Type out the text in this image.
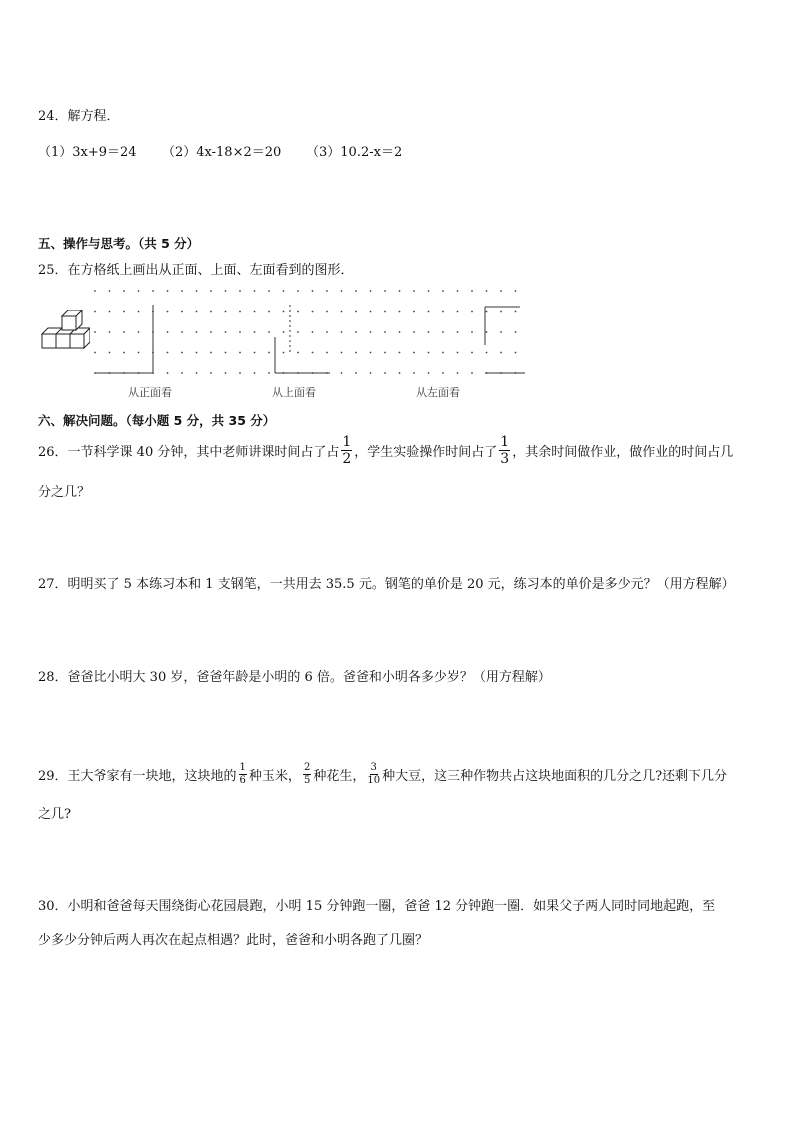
24．解方程．
（1）3x+9＝24 （2）4x-18×2＝20 （3）10.2-x＝2
五、操作与思考。（共 5 分）
25．在方格纸上画出从正面、上面、左面看到的图形．
从正面看	从上面看	从左面看
六、解决问题。（每小题 5 分，共 35 分）
26．一节科学课 40 分钟，其中老师讲课时间占了占 $\frac{1}{2}$ ，学生实验操作时间占了 $\frac{1}{3}$ ，其余时间做作业，做作业的时间占几
分之几？
27．明明买了 5 本练习本和 1 支钢笔，一共用去 35.5 元。钢笔的单价是 20 元，练习本的单价是多少元？（用方程解）
28．爸爸比小明大 30 岁，爸爸年龄是小明的 6 倍。爸爸和小明各多少岁？（用方程解）
29．王大爷家有一块地，这块地的 $\frac{1}{6}$ 种玉米， $\frac{2}{5}$ 种花生， $\frac{3}{10}$ 种大豆，这三种作物共占这块地面积的几分之几?还剩下几分
之几?
30．小明和爸爸每天围绕街心花园晨跑，小明 15 分钟跑一圈，爸爸 12 分钟跑一圈．如果父子两人同时同地起跑，至
少多少分钟后两人再次在起点相遇？此时，爸爸和小明各跑了几圈？
